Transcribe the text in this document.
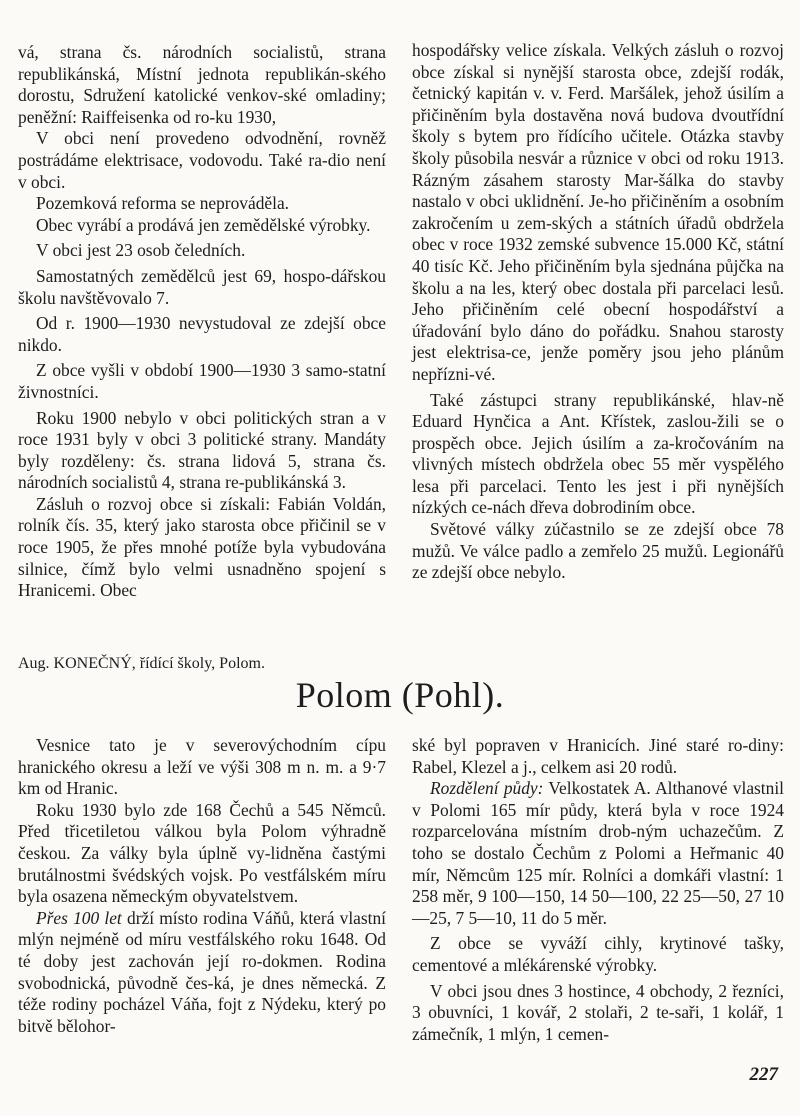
vá, strana čs. národních socialistů, strana republikánská, Místní jednota republikán-ského dorostu, Sdružení katolické venkov-ské omladiny; peněžní: Raiffeisenka od ro-ku 1930,

V obci není provedeno odvodnění, rovněž postrádáme elektrisace, vodovodu. Také ra-dio není v obci.

Pozemková reforma se neprováděla.

Obec vyrábí a prodává jen zemědělské výrobky.

V obci jest 23 osob čeledních.

Samostatných zemědělců jest 69, hospo-dářskou školu navštěvovalo 7.

Od r. 1900—1930 nevystudoval ze zdejší obce nikdo.

Z obce vyšli v období 1900—1930 3 samo-statní živnostníci.

Roku 1900 nebylo v obci politických stran a v roce 1931 byly v obci 3 politické strany. Mandáty byly rozděleny: čs. strana lidová 5, strana čs. národních socialistů 4, strana re-publikánská 3.

Zásluh o rozvoj obce si získali: Fabián Voldán, rolník čís. 35, který jako starosta obce přičinil se v roce 1905, že přes mnohé potíže byla vybudována silnice, čímž bylo velmi usnadněno spojení s Hranicemi. Obec

hospodářsky velice získala. Velkých zásluh o rozvoj obce získal si nynější starosta obce, zdejší rodák, četnický kapitán v. v. Ferd. Maršálek, jehož úsilím a přičiněním byla dostavěna nová budova dvoutřídní školy s bytem pro řídícího učitele. Otázka stavby školy působila nesvár a různice v obci od roku 1913. Rázným zásahem starosty Mar-šálka do stavby nastalo v obci uklidnění. Je-ho přičiněním a osobním zakročením u zem-ských a státních úřadů obdržela obec v roce 1932 zemské subvence 15.000 Kč, státní 40 tisíc Kč. Jeho přičiněním byla sjednána půjčka na školu a na les, který obec dostala při parcelaci lesů. Jeho přičiněním celé obecní hospodářství a úřadování bylo dáno do pořádku. Snahou starosty jest elektrisa-ce, jenže poměry jsou jeho plánům nepřízni-vé.

Také zástupci strany republikánské, hlav-ně Eduard Hynčica a Ant. Křístek, zaslou-žili se o prospěch obce. Jejich úsilím a za-kročováním na vlivných místech obdržela obec 55 měr vyspělého lesa při parcelaci. Tento les jest i při nynějších nízkých ce-nách dřeva dobrodiním obce.

Světové války zúčastnilo se ze zdejší obce 78 mužů. Ve válce padlo a zemřelo 25 mužů. Legionářů ze zdejší obce nebylo.

Aug. KONEČNÝ, řídící školy, Polom.

Polom (Pohl).

Vesnice tato je v severovýchodním cípu hranického okresu a leží ve výši 308 m n. m. a 9·7 km od Hranic.

Roku 1930 bylo zde 168 Čechů a 545 Němců. Před třicetiletou válkou byla Polom výhradně českou. Za války byla úplně vy-lidněna častými brutálnostmi švédských vojsk. Po vestfálském míru byla osazena německým obyvatelstvem.

Přes 100 let drží místo rodina Váňů, která vlastní mlýn nejméně od míru vestfálského roku 1648. Od té doby jest zachován její ro-dokmen. Rodina svobodnická, původně čes-ká, je dnes německá. Z téže rodiny pocházel Váňa, fojt z Nýdeku, který po bitvě bělohor-

ské byl popraven v Hranicích. Jiné staré ro-diny: Rabel, Klezel a j., celkem asi 20 rodů.

Rozdělení půdy: Velkostatek A. Althanové vlastnil v Polomi 165 mír půdy, která byla v roce 1924 rozparcelována místním drob-ným uchazečům. Z toho se dostalo Čechům z Polomi a Heřmanic 40 mír, Němcům 125 mír. Rolníci a domkáři vlastní: 1 258 měr, 9 100—150, 14 50—100, 22 25—50, 27 10—25, 7 5—10, 11 do 5 měr.

Z obce se vyváží cihly, krytinové tašky, cementové a mlékárenské výrobky.

V obci jsou dnes 3 hostince, 4 obchody, 2 řezníci, 3 obuvníci, 1 kovář, 2 stolaři, 2 te-saři, 1 kolář, 1 zámečník, 1 mlýn, 1 cemen-

227
